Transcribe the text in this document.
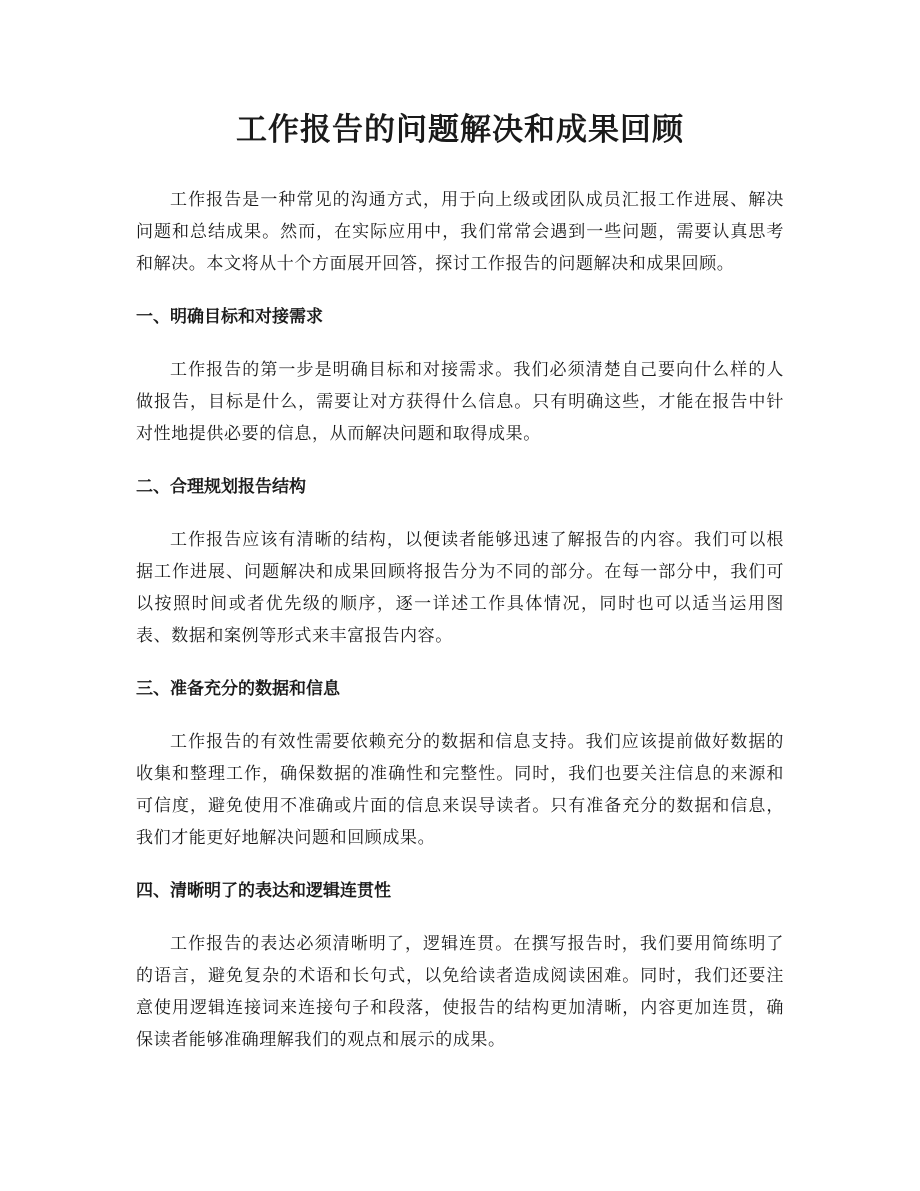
工作报告的问题解决和成果回顾

工作报告是一种常见的沟通方式，用于向上级或团队成员汇报工作进展、解决问题和总结成果。然而，在实际应用中，我们常常会遇到一些问题，需要认真思考和解决。本文将从十个方面展开回答，探讨工作报告的问题解决和成果回顾。

一、明确目标和对接需求

工作报告的第一步是明确目标和对接需求。我们必须清楚自己要向什么样的人做报告，目标是什么，需要让对方获得什么信息。只有明确这些，才能在报告中针对性地提供必要的信息，从而解决问题和取得成果。

二、合理规划报告结构

工作报告应该有清晰的结构，以便读者能够迅速了解报告的内容。我们可以根据工作进展、问题解决和成果回顾将报告分为不同的部分。在每一部分中，我们可以按照时间或者优先级的顺序，逐一详述工作具体情况，同时也可以适当运用图表、数据和案例等形式来丰富报告内容。

三、准备充分的数据和信息

工作报告的有效性需要依赖充分的数据和信息支持。我们应该提前做好数据的收集和整理工作，确保数据的准确性和完整性。同时，我们也要关注信息的来源和可信度，避免使用不准确或片面的信息来误导读者。只有准备充分的数据和信息，我们才能更好地解决问题和回顾成果。

四、清晰明了的表达和逻辑连贯性

工作报告的表达必须清晰明了，逻辑连贯。在撰写报告时，我们要用简练明了的语言，避免复杂的术语和长句式，以免给读者造成阅读困难。同时，我们还要注意使用逻辑连接词来连接句子和段落，使报告的结构更加清晰，内容更加连贯，确保读者能够准确理解我们的观点和展示的成果。
